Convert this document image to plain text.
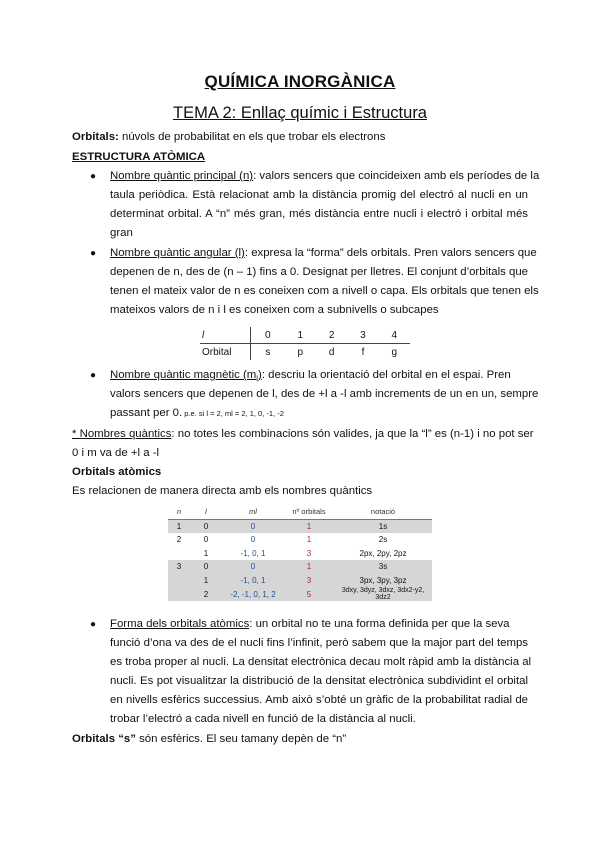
QUÍMICA INORGÀNICA
TEMA 2: Enllaç químic i Estructura
Orbitals: núvols de probabilitat en els que trobar els electrons
ESTRUCTURA ATÒMICA
● Nombre quàntic principal (n): valors sencers que coincideixen amb els períodes de la
taula periòdica. Està relacionat amb la distància promig del electró al nucli en un
determinat orbital. A “n” més gran, més distància entre nucli i electró i orbital més
gran
● Nombre quàntic angular (l): expresa la “forma” dels orbitals. Pren valors sencers que
depenen de n, des de (n – 1) fins a 0. Designat per lletres. El conjunt d’orbitals que
tenen el mateix valor de n es coneixen com a nivell o capa. Els orbitals que tenen els
mateixos valors de n i l es coneixen com a subnivells o subcapes
l	0	1	2	3	4
Orbital	s	p	d	f	g
● Nombre quàntic magnètic $(m_l)$: descriu la orientació del orbital en el espai. Pren
valors sencers que depenen de l, des de +l a -l amb increments de un en un, sempre
passant per 0. p.e. si l = 2, ml = 2, 1, 0, -1, -2
* Nombres quàntics: no totes les combinacions són valides, ja que la “l” es (n-1) i no pot ser
0 i m va de +l a -l
Orbitals atòmics
Es relacionen de manera directa amb els nombres quàntics
n	l	ml	nº orbitals	notació
1	0	0	1	1s
2	0	0	1	2s
	1	-1, 0, 1	3	2px, 2py, 2pz
3	0	0	1	3s
	1	-1, 0, 1	3	3px, 3py, 3pz
	2	-2, -1, 0, 1, 2	5	3dxy, 3dyz, 3dxz, 3dx2-y2, 3dz2
● Forma dels orbitals atòmics: un orbital no te una forma definida per que la seva
funció d’ona va des de el nucli fins l’infinit, però sabem que la major part del temps
es troba proper al nucli. La densitat electrònica decau molt ràpid amb la distància al
nucli. Es pot visualitzar la distribució de la densitat electrònica subdividint el orbital
en nivells esfèrics successius. Amb això s’obté un gràfic de la probabilitat radial de
trobar l’electró a cada nivell en funció de la distància al nucli.
Orbitals “s” són esfèrics. El seu tamany depèn de “n”
